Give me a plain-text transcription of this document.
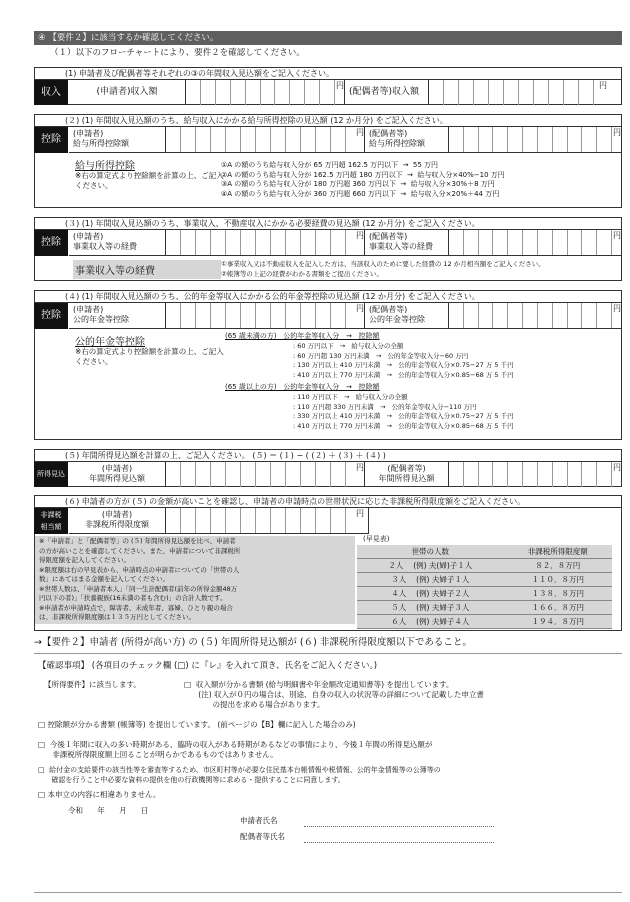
④ 【要件２】に該当するか確認してください。
（１）以下のフローチャートにより、要件２を確認してください。
(1) 申請者及び配偶者等それぞれの③の年間収入見込額をご記入ください。
収入	(申請者)収入額
円
(配偶者等)収入額
円
(２) (1) 年間収入見込額のうち、給与収入にかかる給与所得控除の見込額 (12 か月分) をご記入ください。
控除
(申請者)
給与所得控除額
円 (配偶者等)
給与所得控除額
円
給与所得控除
※右の算定式より控除額を計算の上、ご記入ください。
①A の額のうち給与収入分が 65 万円超 162.5 万円以下  →  55 万円
②A の額のうち給与収入分が 162.5 万円超 180 万円以下  →  給与収入分×40%−10 万円
③A の額のうち給与収入分が 180 万円超 360 万円以下  →  給与収入分×30%＋8 万円
④A の額のうち給与収入分が 360 万円超 660 万円以下  →  給与収入分×20%＋44 万円
(３) (1) 年間収入見込額のうち、事業収入、不動産収入にかかる必要経費の見込額 (12 か月分) をご記入ください。
控除
(申請者)
事業収入等の経費
円 (配偶者等)
事業収入等の経費
円
事業収入等の経費
①事業収入又は不動産収入を記入した方は、当該収入のために要した経費の 12 か月相当額をご記入ください。
②帳簿等の上記の経費がわかる書類をご提出ください。
(４) (1) 年間収入見込額のうち、公的年金等収入にかかる公的年金等控除の見込額 (12 か月分) をご記入ください。
控除
(申請者)
公的年金等控除
円 (配偶者等)
公的年金等控除
円
公的年金等控除
※右の算定式より控除額を計算の上、ご記入ください。
(65 歳未満の方)   公的年金等収入分   →   控除額
: 60 万円以下   →   給与収入分の全額
: 60 万円超 130 万円未満   →   公的年金等収入分−60 万円
: 130 万円以上 410 万円未満   →   公的年金等収入分×0.75−27 万 5 千円
: 410 万円以上 770 万円未満   →   公的年金等収入分×0.85−68 万 5 千円
(65 歳以上の方)   公的年金等収入分   →   控除額
: 110 万円以下   →   給与収入分の全額
: 110 万円超 330 万円未満   →   公的年金等収入分−110 万円
: 330 万円以上 410 万円未満   →   公的年金等収入分×0.75−27 万 5 千円
: 410 万円以上 770 万円未満   →   公的年金等収入分×0.85−68 万 5 千円
(５) 年間所得見込額を計算の上、ご記入ください。 (５) ＝ (１) − ( (２) ＋ (３) ＋ (４) )
所得見込
(申請者)
年間所得見込額
円	(配偶者等)
年間所得見込額
円
(６) 申請者の方が (５) の金額が高いことを確認し、申請者の申請時点の世帯状況に応じた非課税所得限度額をご記入ください。
非課税
相当額
(申請者)
非課税所得限度額
円
※「申請者」と「配偶者等」の (５) 年間所得見込額を比べ、申請者
の方が高いことを確認してください。また、申請者について非課税所
得限度額を記入してください。
※限度額は右の早見表から、申請時点の申請者についての「世帯の人
数」にあてはまる金額を記入してください。
※世帯人数は、「申請者本人」「同一生計配偶者(前年の所得金額48万
円以下の者)」「扶養親族(16未満の者も含む)」の合計人数です。
※申請者が申請時点で、障害者、未成年者、寡婦、ひとり親の場合
は、非課税所得限度額は１３５万円としてください。
(早見表)
世帯の人数	非課税所得限度額
２人　 (例) 夫(婦)子１人	８２．８万円
３人　 (例) 夫婦子１人	１１０．８万円
４人　 (例) 夫婦子２人	１３８．８万円
５人　 (例) 夫婦子３人	１６６．８万円
６人　 (例) 夫婦子４人	１９４．８万円
→【要件２】申請者 (所得が高い方) の (５) 年間所得見込額が (６) 非課税所得限度額以下であること。
【確認事項】 (各項目のチェック欄 (□) に『レ』を入れて頂き、氏名をご記入ください。)
【所得要件】に該当します。	□  収入額が分かる書類 (給与明細書や年金額改定通知書等) を提出しています。
(注) 収入が０円の場合は、別途、自身の収入の状況等の詳細について記載した申立書
の提出を求める場合があります。
□ 控除額が分かる書類 (帳簿等) を提出しています。 (前ページの【B】欄に記入した場合のみ)
□  今後１年間に収入の多い時期がある、臨時の収入がある時期があるなどの事情により、今後１年間の所得見込額が
非課税所得限度額上回ることが明らかであるものではありません。
□  給付金の支給要件の該当性等を審査等するため、市区町村等が必要な住民基本台帳情報や税情報、公的年金情報等の公簿等の
確認を行うこと中必要な資料の提供を他の行政機関等に求める・提供することに同意します。
□ 本申立の内容に相違ありません。
令和      年      月      日
申請者氏名
配偶者等氏名
